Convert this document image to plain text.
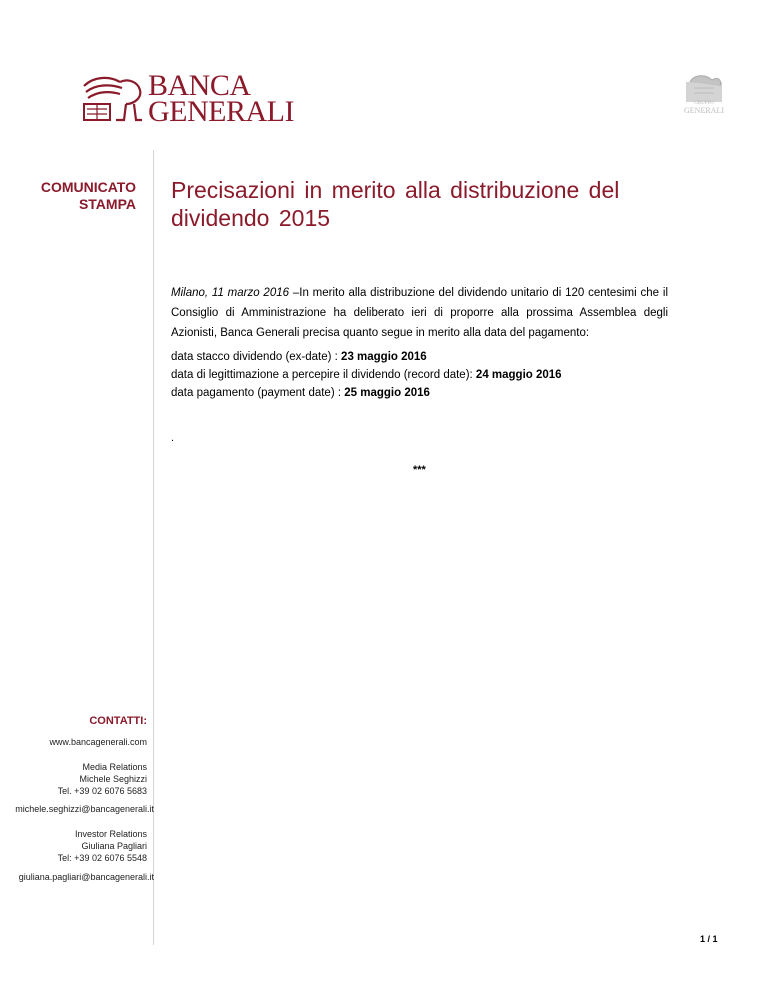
BANCA
GENERALI	GRUPPO
GENERALI
COMUNICATO
STAMPA
CONTATTI:
www.bancagenerali.com
Media Relations
Michele Seghizzi
Tel. +39 02 6076 5683
michele.seghizzi@bancagenerali.it
Investor Relations
Giuliana Pagliari
Tel: +39 02 6076 5548
giuliana.pagliari@bancagenerali.it
Precisazioni in merito alla distribuzione del
dividendo 2015
Milano, 11 marzo 2016 –In merito alla distribuzione del dividendo unitario di 120 centesimi che il Consiglio di Amministrazione ha deliberato ieri di proporre alla prossima Assemblea degli Azionisti, Banca Generali precisa quanto segue in merito alla data del pagamento:
data stacco dividendo (ex-date) : 23 maggio 2016
data di legittimazione a percepire il dividendo (record date): 24 maggio 2016
data pagamento (payment date) : 25 maggio 2016
.
***
1 / 1
